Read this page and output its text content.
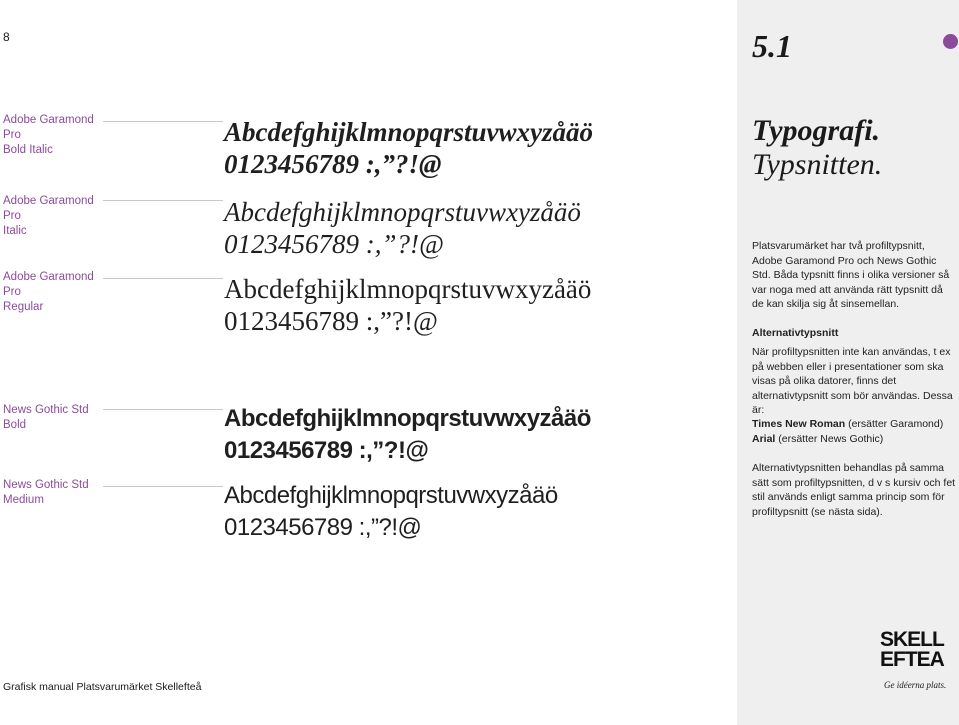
8	5.1
Adobe Garamond Pro
Bold Italic
Abcdefghijklmnopqrstuvwxyzåäö
0123456789 :,”?!@
Adobe Garamond Pro
Italic
Abcdefghijklmnopqrstuvwxyzåäö
0123456789 :,”?!@
Adobe Garamond Pro
Regular
Abcdefghijklmnopqrstuvwxyzåäö
0123456789 :,”?!@
News Gothic Std
Bold	Abcdefghijklmnopqrstuvwxyzåäö
0123456789 :,”?!@
News Gothic Std
Medium	Abcdefghijklmnopqrstuvwxyzåäö
0123456789 :,”?!@
Typografi.
Typsnitten.
Platsvarumärket har två profiltypsnitt, Adobe Garamond Pro och News Gothic Std. Båda typsnitt finns i olika versioner så var noga med att använda rätt typsnitt då de kan skilja sig åt sinsemellan.
Alternativtypsnitt
När profiltypsnitten inte kan användas, t ex på webben eller i presentationer som ska visas på olika datorer, finns det alternativtypsnitt som bör användas. Dessa är:
Times New Roman (ersätter Garamond)
Arial (ersätter News Gothic)
Alternativtypsnitten behandlas på samma sätt som profiltypsnitten, d v s kursiv och fet stil används enligt samma princip som för profiltypsnitt (se nästa sida).
Grafisk manual Platsvarumärket Skellefteå
SKELL
EFTEA
Ge idéerna plats.
